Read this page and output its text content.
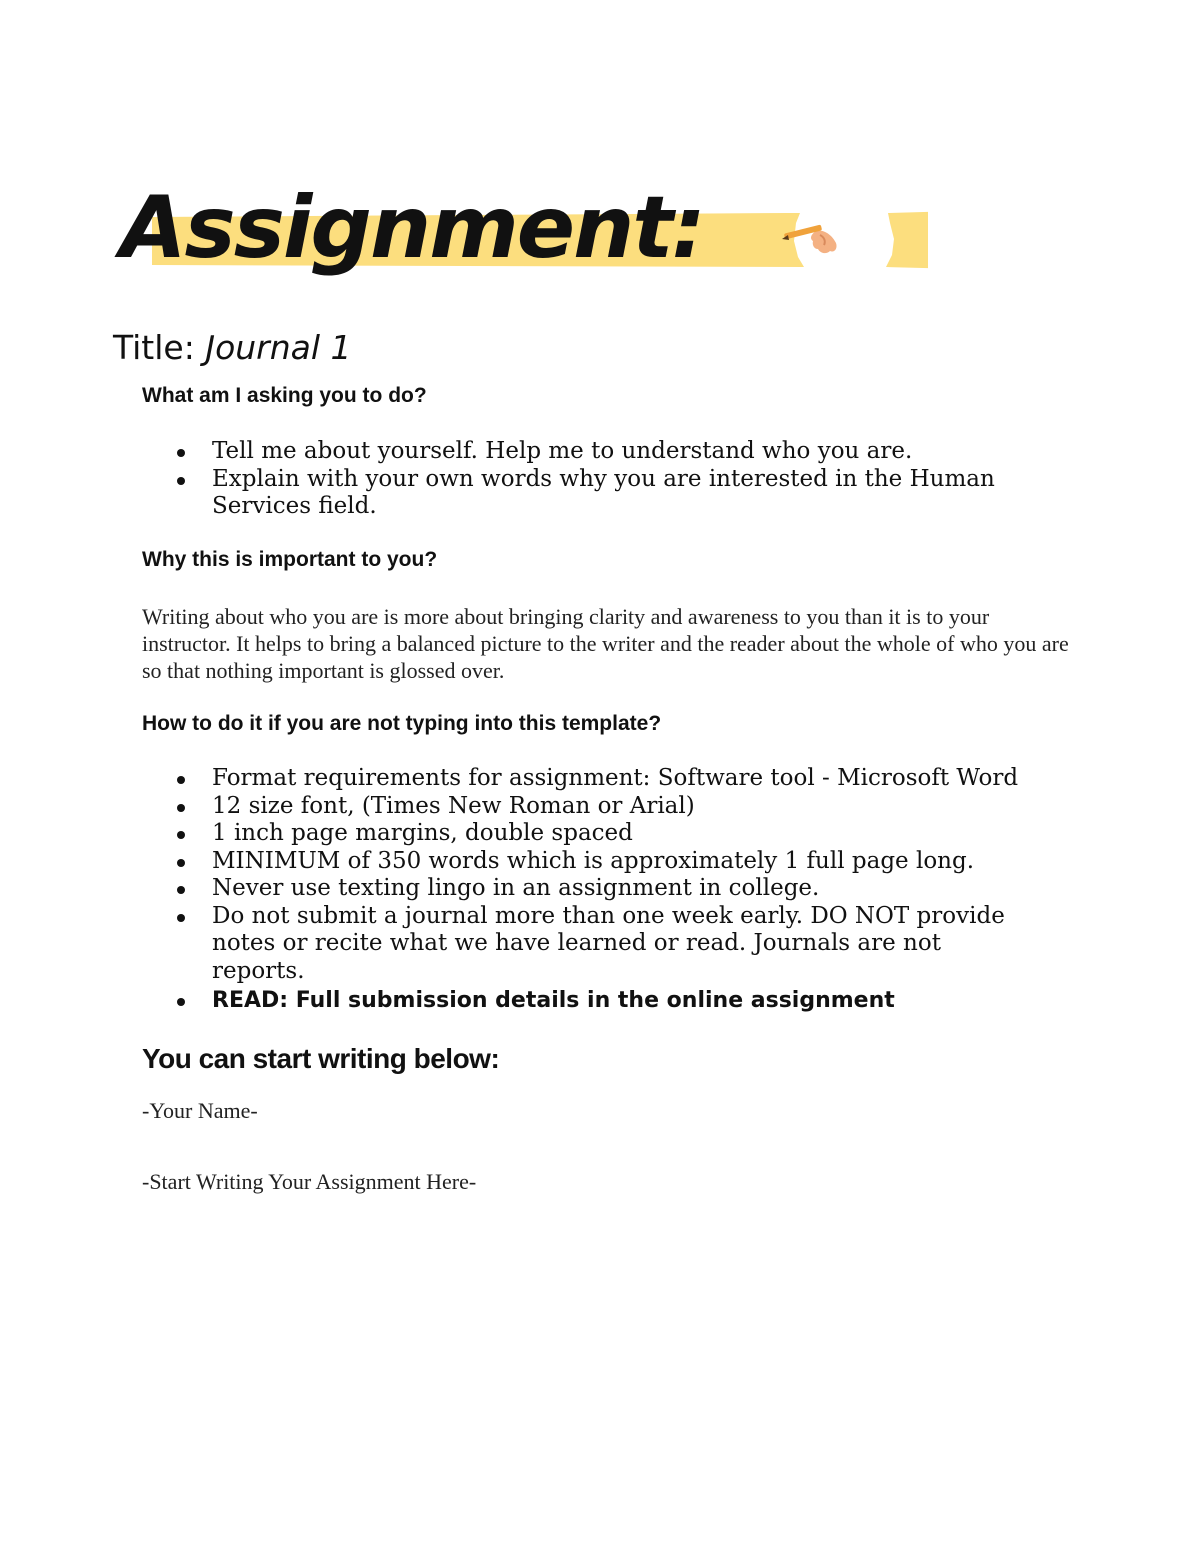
Assignment:
Title: Journal 1
What am I asking you to do?
Tell me about yourself. Help me to understand who you are.
Explain with your own words why you are interested in the Human Services field.
Why this is important to you?

Writing about who you are is more about bringing clarity and awareness to you than it is to your instructor. It helps to bring a balanced picture to the writer and the reader about the whole of who you are so that nothing important is glossed over.

How to do it if you are not typing into this template?
Format requirements for assignment: Software tool - Microsoft Word
12 size font, (Times New Roman or Arial)
1 inch page margins, double spaced
MINIMUM of 350 words which is approximately 1 full page long.
Never use texting lingo in an assignment in college.
Do not submit a journal more than one week early. DO NOT provide notes or recite what we have learned or read. Journals are not reports.
READ: Full submission details in the online assignment
You can start writing below:
-Your Name-
-Start Writing Your Assignment Here-
